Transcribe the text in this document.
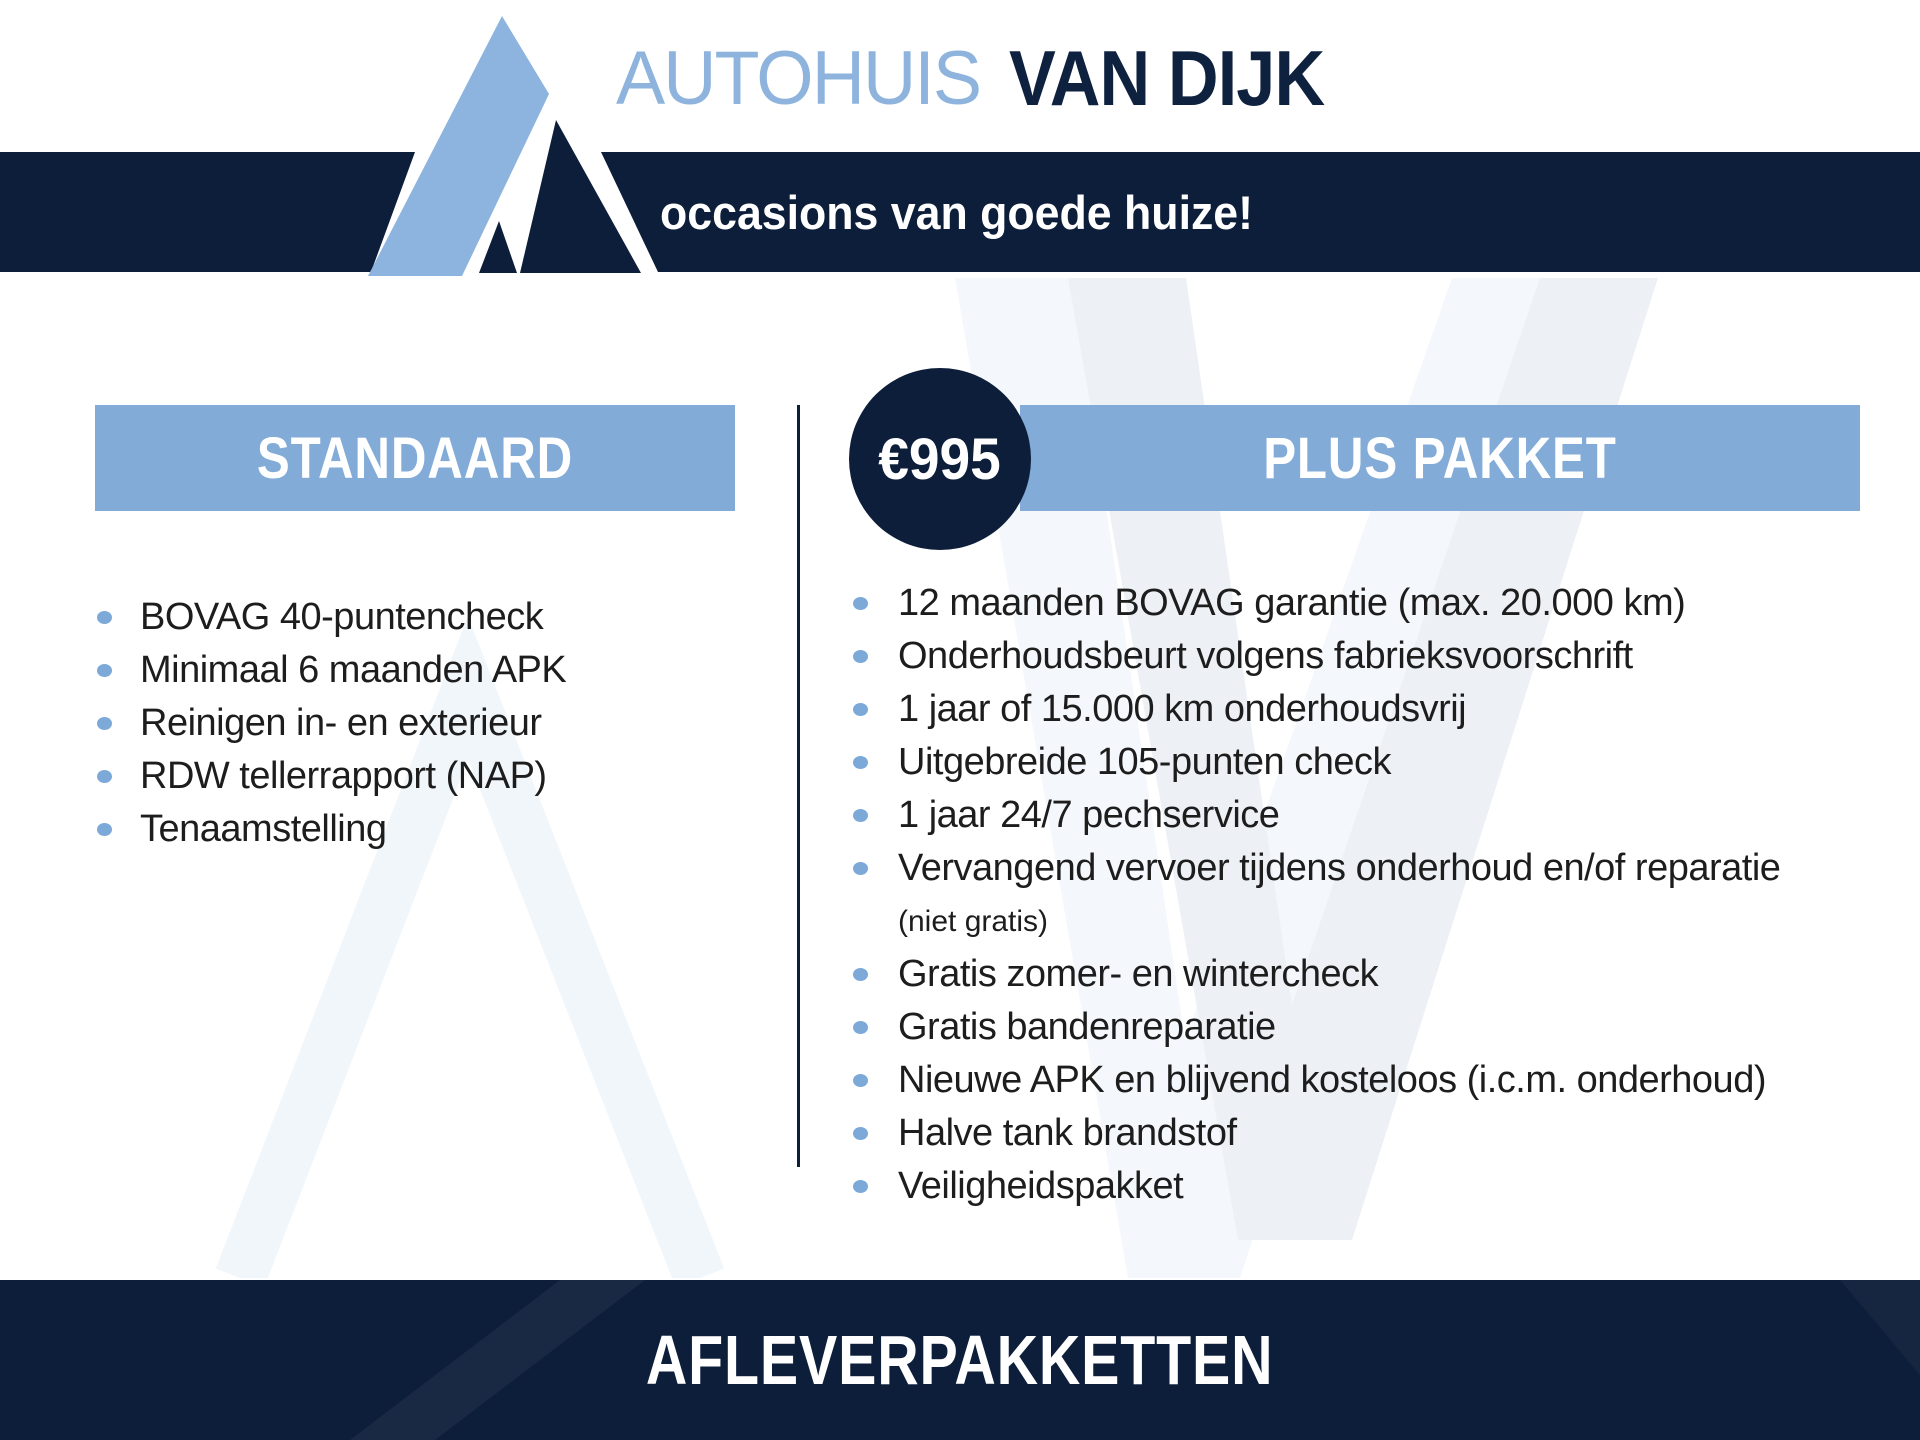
AUTOHUIS VAN DIJK
occasions van goede huize!
STANDAARD	PLUS PAKKET
€995
BOVAG 40-puntencheck
Minimaal 6 maanden APK
Reinigen in- en exterieur
RDW tellerrapport (NAP)
Tenaamstelling
12 maanden BOVAG garantie (max. 20.000 km)
Onderhoudsbeurt volgens fabrieksvoorschrift
1 jaar of 15.000 km onderhoudsvrij
Uitgebreide 105-punten check
1 jaar 24/7 pechservice
Vervangend vervoer tijdens onderhoud en/of reparatie
(niet gratis)
Gratis zomer- en wintercheck
Gratis bandenreparatie
Nieuwe APK en blijvend kosteloos (i.c.m. onderhoud)
Halve tank brandstof
Veiligheidspakket
AFLEVERPAKKETTEN
